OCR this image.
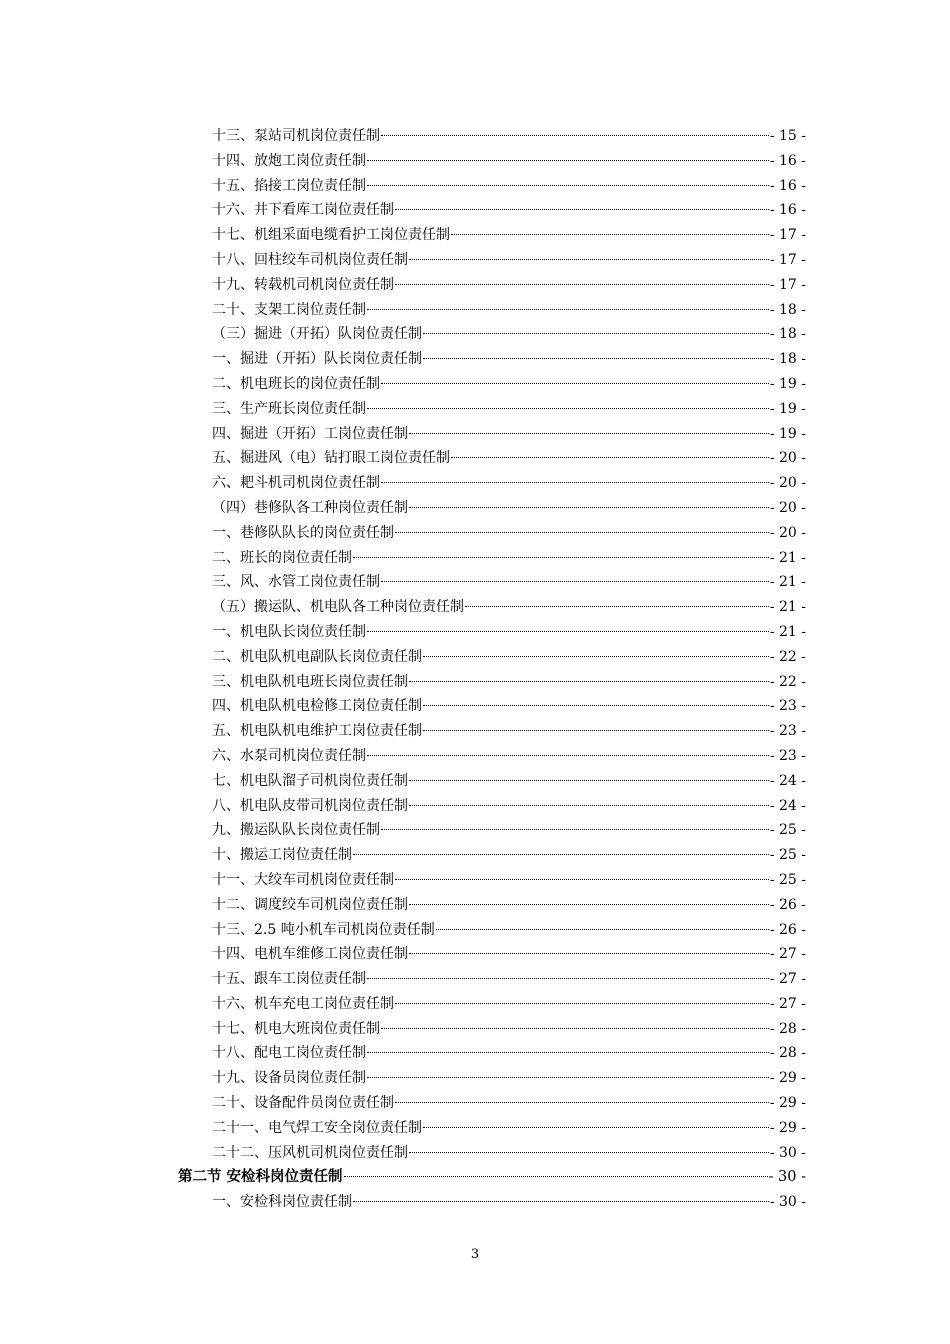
十三、泵站司机岗位责任制	- 15 -
十四、放炮工岗位责任制	- 16 -
十五、掐接工岗位责任制	- 16 -
十六、井下看库工岗位责任制	- 16 -
十七、机组采面电缆看护工岗位责任制	- 17 -
十八、回柱绞车司机岗位责任制	- 17 -
十九、转载机司机岗位责任制	- 17 -
二十、支架工岗位责任制	- 18 -
（三）掘进（开拓）队岗位责任制	- 18 -
一、掘进（开拓）队长岗位责任制	- 18 -
二、机电班长的岗位责任制	- 19 -
三、生产班长岗位责任制	- 19 -
四、掘进（开拓）工岗位责任制	- 19 -
五、掘进风（电）钻打眼工岗位责任制	- 20 -
六、耙斗机司机岗位责任制	- 20 -
（四）巷修队各工种岗位责任制	- 20 -
一、巷修队队长的岗位责任制	- 20 -
二、班长的岗位责任制	- 21 -
三、风、水管工岗位责任制	- 21 -
（五）搬运队、机电队各工种岗位责任制	- 21 -
一、机电队长岗位责任制	- 21 -
二、机电队机电副队长岗位责任制	- 22 -
三、机电队机电班长岗位责任制	- 22 -
四、机电队机电检修工岗位责任制	- 23 -
五、机电队机电维护工岗位责任制	- 23 -
六、水泵司机岗位责任制	- 23 -
七、机电队溜子司机岗位责任制	- 24 -
八、机电队皮带司机岗位责任制	- 24 -
九、搬运队队长岗位责任制	- 25 -
十、搬运工岗位责任制	- 25 -
十一、大绞车司机岗位责任制	- 25 -
十二、调度绞车司机岗位责任制	- 26 -
十三、2.5 吨小机车司机岗位责任制	- 26 -
十四、电机车维修工岗位责任制	- 27 -
十五、跟车工岗位责任制	- 27 -
十六、机车充电工岗位责任制	- 27 -
十七、机电大班岗位责任制	- 28 -
十八、配电工岗位责任制	- 28 -
十九、设备员岗位责任制	- 29 -
二十、设备配件员岗位责任制	- 29 -
二十一、电气焊工安全岗位责任制	- 29 -
二十二、压风机司机岗位责任制	- 30 -
第二节 安检科岗位责任制	- 30 -
一、安检科岗位责任制	- 30 -
3
